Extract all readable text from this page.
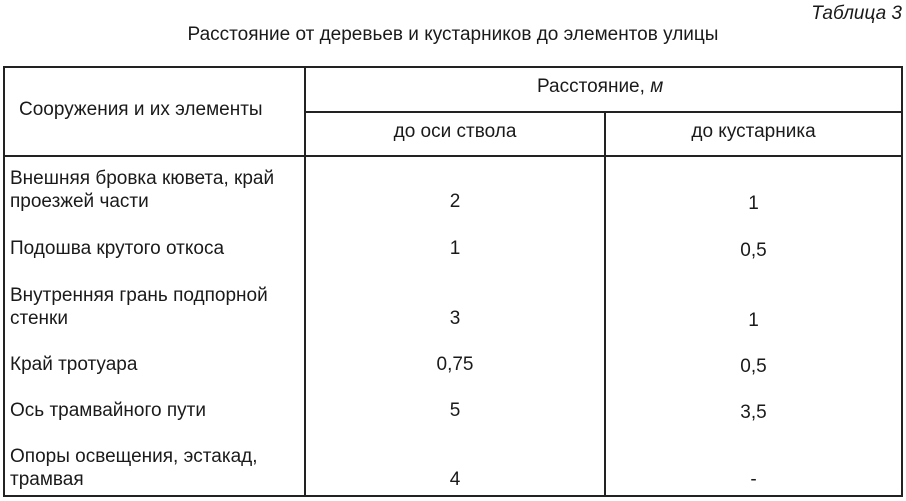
Таблица 3
Расстояние от деревьев и кустарников до элементов улицы
Сооружения и их элементы
Расстояние, м
до оси ствола	до кустарника
Внешняя бровка кювета, край
проезжей части	2	1
Подошва крутого откоса	1	0,5
Внутренняя грань подпорной
стенки	3	1
Край тротуара	0,75	0,5
Ось трамвайного пути	5	3,5
Опоры освещения, эстакад,
трамвая	4	-
